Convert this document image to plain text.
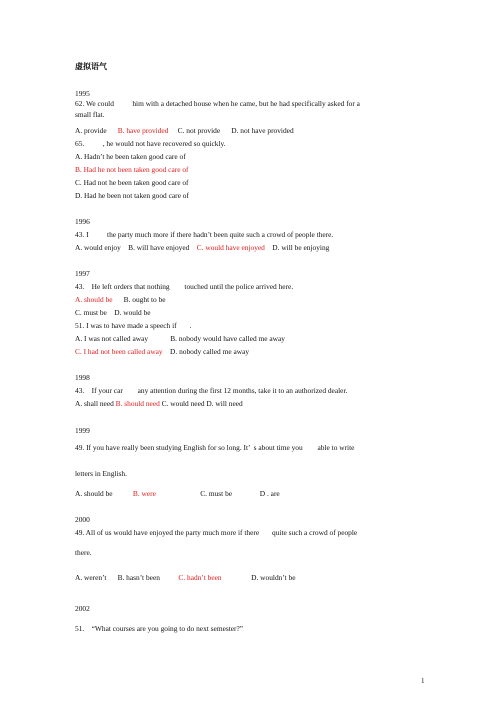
虚拟语气
1995
62. We could          him with a detached house when he came, but he had specifically asked for a
small flat.
A. provide B. have provided C. not provide D. not have provided
65.          , he would not have recovered so quickly.
A. Hadn’t he been taken good care of
B. Had he not been taken good care of
C. Had not he been taken good care of
D. Had he been not taken good care of
1996
43. I          the party much more if there hadn’t been quite such a crowd of people there.
A. would enjoy B. will have enjoyed C. would have enjoyed D. will be enjoying
1997
43.    He left orders that nothing        touched until the police arrived here.
A. should be B. ought to be
C. must be    D. would be
51. I was to have made a speech if       .
A. I was not called away            B. nobody would have called me away
C. I had not been called away D. nobody called me away
1998
43.    If your car        any attention during the first 12 months, take it to an authorized dealer.
A. shall need B. should need C. would need D. will need
1999
49. If you have really been studying English for so long. It’  s about time you        able to write
letters in English.
A. should be	B. were	C. must be	D . are
2000
49. All of us would have enjoyed the party much more if there       quite such a crowd of people
there.
A. weren’t B. hasn’t been C. hadn’t been	D. wouldn’t be
2002
51.    “What courses are you going to do next semester?”
1
